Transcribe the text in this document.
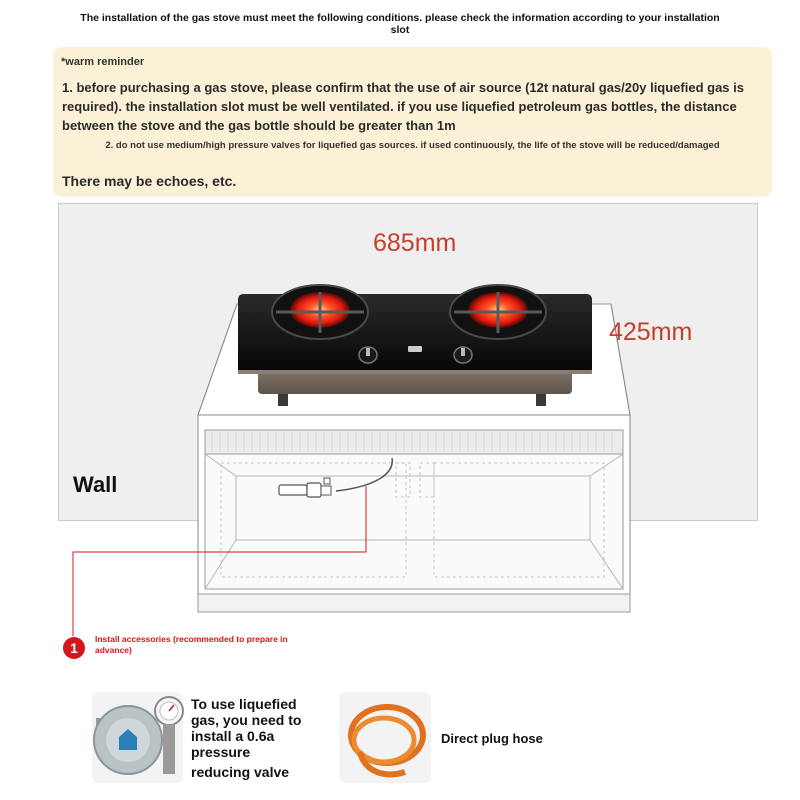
The installation of the gas stove must meet the following conditions. please check the information according to your installation slot
*warm reminder
1. before purchasing a gas stove, please confirm that the use of air source (12t natural gas/20y liquefied gas is required). the installation slot must be well ventilated. if you use liquefied petroleum gas bottles, the distance between the stove and the gas bottle should be greater than 1m
2. do not use medium/high pressure valves for liquefied gas sources. if used continuously, the life of the stove will be reduced/damaged
There may be echoes, etc.
685mm
425mm
Wall
1
Install accessories (recommended to prepare in advance)
To use liquefied gas, you need to install a 0.6a pressure
reducing valve
Direct plug hose
